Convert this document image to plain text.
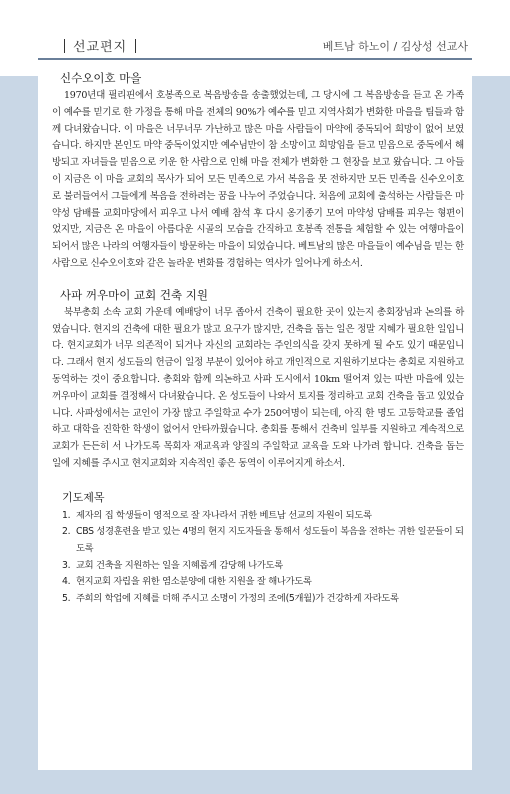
선교편지	베트남 하노이 / 김상성 선교사
신수오이호 마을

1970년대 필리핀에서 호봉족으로 복음방송을 송출했었는데, 그 당시에 그 복음방송을 듣고 온 가족이 예수를 믿기로 한 가정을 통해 마을 전체의 90%가 예수를 믿고 지역사회가 변화한 마을을 팀들과 함께 다녀왔습니다. 이 마을은 너무너무 가난하고 많은 마을 사람들이 마약에 중독되어 희망이 없어 보였습니다. 하지만 본인도 마약 중독이었지만 예수님만이 참 소망이고 희망임을 듣고 믿음으로 중독에서 해방되고 자녀들을 믿음으로 키운 한 사람으로 인해 마을 전체가 변화한 그 현장을 보고 왔습니다. 그 아들이 지금은 이 마을 교회의 목사가 되어 모든 민족으로 가서 복음을 못 전하지만 모든 민족을 신수오이호로 불러들여서 그들에게 복음을 전하려는 꿈을 나누어 주었습니다. 처음에 교회에 출석하는 사람들은 마약성 담배를 교회마당에서 피우고 나서 예배 참석 후 다시 옹기종기 모여 마약성 담배를 피우는 형편이었지만, 지금은 온 마을이 아름다운 시골의 모습을 간직하고 호봉족 전통을 체험할 수 있는 여행마을이 되어서 많은 나라의 여행자들이 방문하는 마을이 되었습니다. 베트남의 많은 마을들이 예수님을 믿는 한 사람으로 신수오이호와 같은 놀라운 변화를 경험하는 역사가 일어나게 하소서.

사파 꺼우마이 교회 건축 지원

북부총회 소속 교회 가운데 예배당이 너무 좁아서 건축이 필요한 곳이 있는지 총회장님과 논의를 하였습니다. 현지의 건축에 대한 필요가 많고 요구가 많지만, 건축을 돕는 일은 정말 지혜가 필요한 일입니다. 현지교회가 너무 의존적이 되거나 자신의 교회라는 주인의식을 갖지 못하게 될 수도 있기 때문입니다. 그래서 현지 성도들의 헌금이 일정 부분이 있어야 하고 개인적으로 지원하기보다는 총회로 지원하고 동역하는 것이 중요합니다. 총회와 함께 의논하고 사파 도시에서 10km 떨어져 있는 따반 마을에 있는 꺼우마이 교회를 결정해서 다녀왔습니다. 온 성도들이 나와서 토지를 정리하고 교회 건축을 돕고 있었습니다. 사파성에서는 교인이 가장 많고 주일학교 수가 250여명이 되는데, 아직 한 명도 고등학교를 졸업하고 대학을 진학한 학생이 없어서 안타까웠습니다. 총회를 통해서 건축비 일부를 지원하고 계속적으로 교회가 든든히 서 나가도록 목회자 재교육과 양질의 주일학교 교육을 도와 나가려 합니다. 건축을 돕는 일에 지혜를 주시고 현지교회와 지속적인 좋은 동역이 이루어지게 하소서.

기도제목
1. 제자의 집 학생들이 영적으로 잘 자나라서 귀한 베트남 선교의 자원이 되도록
2. CBS 성경훈련을 받고 있는 4명의 현지 지도자들을 통해서 성도들이 복음을 전하는 귀한 일꾼들이 되도록
3. 교회 건축을 지원하는 일을 지혜롭게 감당해 나가도록
4. 현지교회 자립을 위한 염소분양에 대한 지원을 잘 해나가도록
5. 주희의 학업에 지혜를 더해 주시고 소명이 가정의 조에(5개월)가 건강하게 자라도록
